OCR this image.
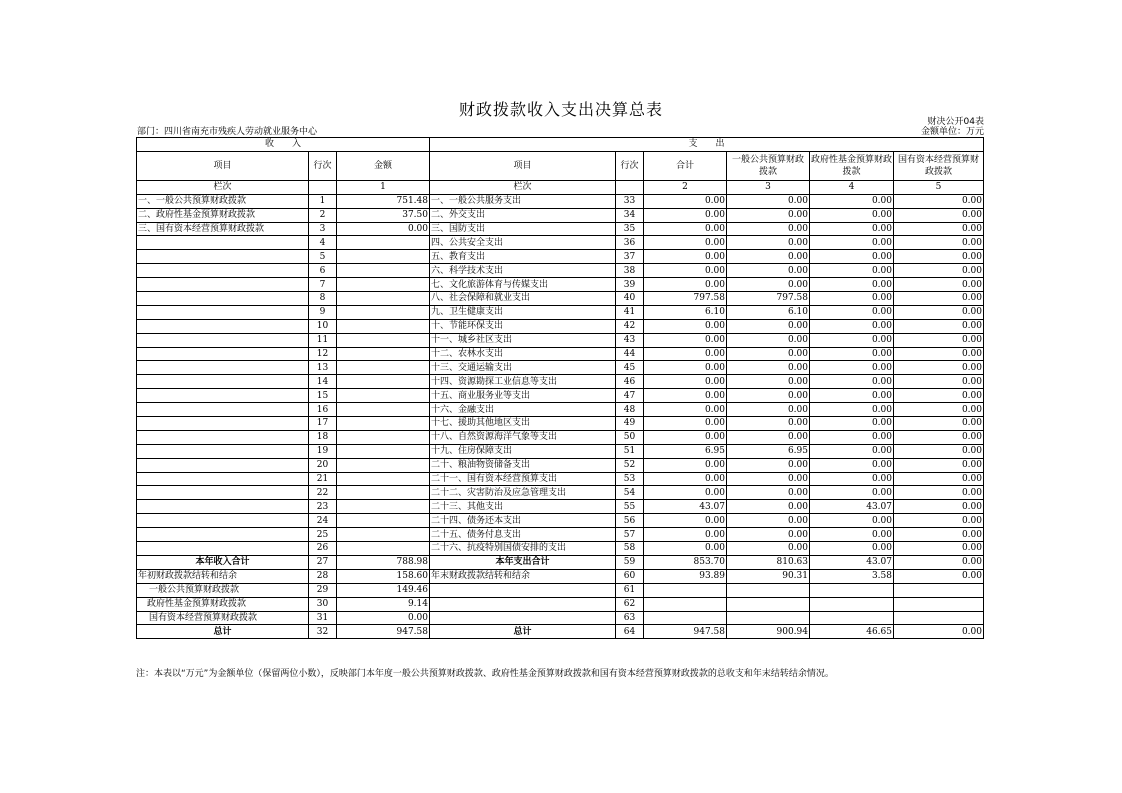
财政拨款收入支出决算总表
财决公开04表
部门：四川省南充市残疾人劳动就业服务中心	金额单位：万元
收　　入			支　　出					
项目	行次	金额	项目	行次	合计	一般公共预算财政拨款	政府性基金预算财政拨款	国有资本经营预算财政拨款
栏次		1	栏次		2	3	4	5
一、一般公共预算财政拨款	1	751.48	一、一般公共服务支出	33	0.00	0.00	0.00	0.00
二、政府性基金预算财政拨款	2	37.50	二、外交支出	34	0.00	0.00	0.00	0.00
三、国有资本经营预算财政拨款	3	0.00	三、国防支出	35	0.00	0.00	0.00	0.00
	4		四、公共安全支出	36	0.00	0.00	0.00	0.00
	5		五、教育支出	37	0.00	0.00	0.00	0.00
	6		六、科学技术支出	38	0.00	0.00	0.00	0.00
	7		七、文化旅游体育与传媒支出	39	0.00	0.00	0.00	0.00
	8		八、社会保障和就业支出	40	797.58	797.58	0.00	0.00
	9		九、卫生健康支出	41	6.10	6.10	0.00	0.00
	10		十、节能环保支出	42	0.00	0.00	0.00	0.00
	11		十一、城乡社区支出	43	0.00	0.00	0.00	0.00
	12		十二、农林水支出	44	0.00	0.00	0.00	0.00
	13		十三、交通运输支出	45	0.00	0.00	0.00	0.00
	14		十四、资源勘探工业信息等支出	46	0.00	0.00	0.00	0.00
	15		十五、商业服务业等支出	47	0.00	0.00	0.00	0.00
	16		十六、金融支出	48	0.00	0.00	0.00	0.00
	17		十七、援助其他地区支出	49	0.00	0.00	0.00	0.00
	18		十八、自然资源海洋气象等支出	50	0.00	0.00	0.00	0.00
	19		十九、住房保障支出	51	6.95	6.95	0.00	0.00
	20		二十、粮油物资储备支出	52	0.00	0.00	0.00	0.00
	21		二十一、国有资本经营预算支出	53	0.00	0.00	0.00	0.00
	22		二十二、灾害防治及应急管理支出	54	0.00	0.00	0.00	0.00
	23		二十三、其他支出	55	43.07	0.00	43.07	0.00
	24		二十四、债务还本支出	56	0.00	0.00	0.00	0.00
	25		二十五、债务付息支出	57	0.00	0.00	0.00	0.00
	26		二十六、抗疫特别国债安排的支出	58	0.00	0.00	0.00	0.00
本年收入合计	27	788.98	本年支出合计	59	853.70	810.63	43.07	0.00
年初财政拨款结转和结余	28	158.60	年末财政拨款结转和结余	60	93.89	90.31	3.58	0.00
一般公共预算财政拨款	29	149.46		61				
政府性基金预算财政拨款	30	9.14		62				
国有资本经营预算财政拨款	31	0.00		63				
总计	32	947.58	总计	64	947.58	900.94	46.65	0.00
注：本表以“万元”为金额单位（保留两位小数），反映部门本年度一般公共预算财政拨款、政府性基金预算财政拨款和国有资本经营预算财政拨款的总收支和年末结转结余情况。
